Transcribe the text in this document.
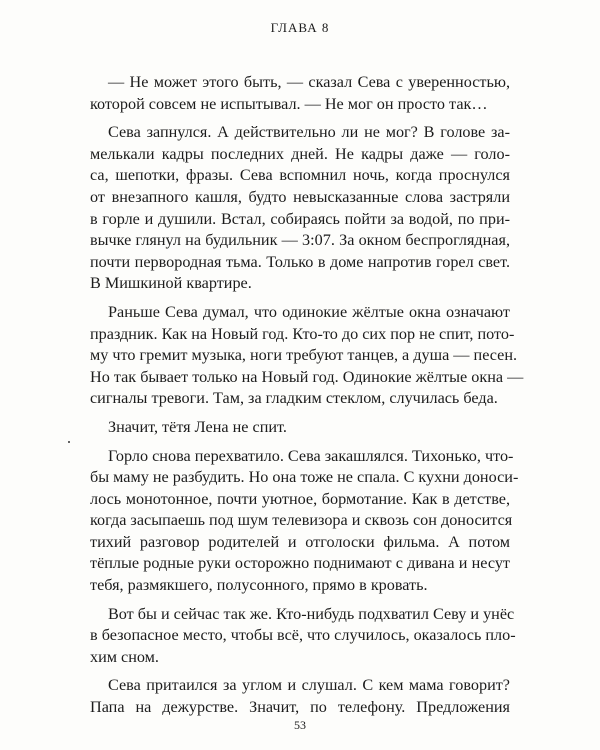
ГЛАВА 8
— Не может этого быть, — сказал Сева с уверенностью,
которой совсем не испытывал. — Не мог он просто так…
Сева запнулся. А действительно ли не мог? В голове за-
мелькали кадры последних дней. Не кадры даже — голо-
са, шепотки, фразы. Сева вспомнил ночь, когда проснулся
от внезапного кашля, будто невысказанные слова застряли
в горле и душили. Встал, собираясь пойти за водой, по при-
вычке глянул на будильник — 3:07. За окном беспроглядная,
почти первородная тьма. Только в доме напротив горел свет.
В Мишкиной квартире.
Раньше Сева думал, что одинокие жёлтые окна означают
праздник. Как на Новый год. Кто-то до сих пор не спит, пото-
му что гремит музыка, ноги требуют танцев, а душа — песен.
Но так бывает только на Новый год. Одинокие жёлтые окна —
сигналы тревоги. Там, за гладким стеклом, случилась беда.
Значит, тётя Лена не спит.
Горло снова перехватило. Сева закашлялся. Тихонько, что-
бы маму не разбудить. Но она тоже не спала. С кухни доноси-
лось монотонное, почти уютное, бормотание. Как в детстве,
когда засыпаешь под шум телевизора и сквозь сон доносится
тихий разговор родителей и отголоски фильма. А потом
тёплые родные руки осторожно поднимают с дивана и несут
тебя, размякшего, полусонного, прямо в кровать.
Вот бы и сейчас так же. Кто-нибудь подхватил Севу и унёс
в безопасное место, чтобы всё, что случилось, оказалось пло-
хим сном.
Сева притаился за углом и слушал. С кем мама говорит?
Папа на дежурстве. Значит, по телефону. Предложения
53
